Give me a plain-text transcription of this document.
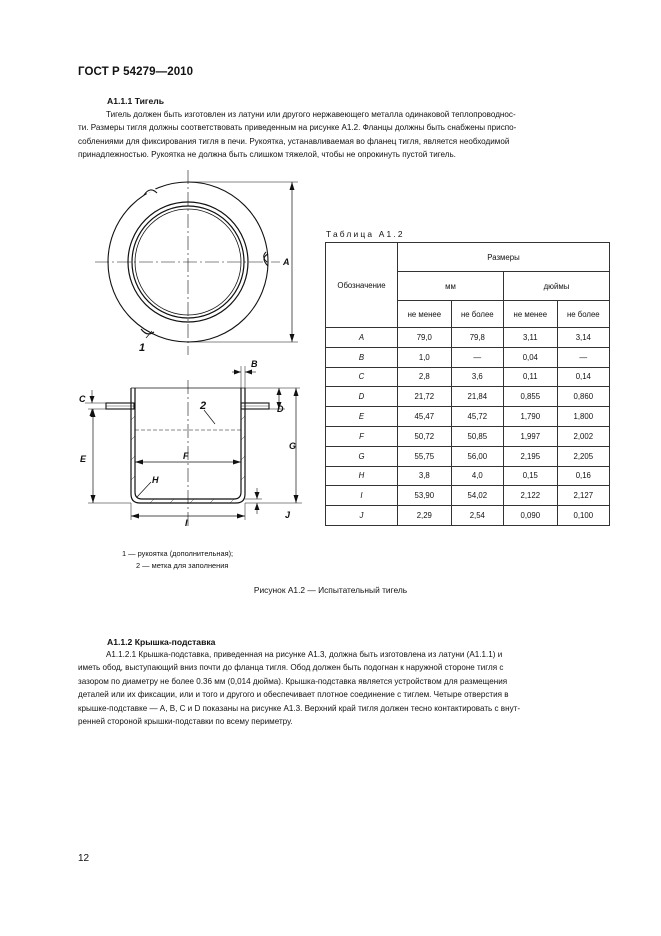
ГОСТ Р 54279—2010
А1.1.1 Тигель
Тигель должен быть изготовлен из латуни или другого нержавеющего металла одинаковой теплопроводнос-
ти. Размеры тигля должны соответствовать приведенным на рисунке А1.2. Фланцы должны быть снабжены приспо-
соблениями для фиксирования тигля в печи. Рукоятка, устанавливаемая во фланец тигля, является необходимой
принадлежностью. Рукоятка не должна быть слишком тяжелой, чтобы не опрокинуть пустой тигель.
A
1
B
C
D
E	F
G
H
I
J
2
Таблица А1.2
Обозначение	Размеры			
	мм		дюймы	
	не менее	не более	не менее	не более
A	79,0	79,8	3,11	3,14
B	1,0	—	0,04	—
C	2,8	3,6	0,11	0,14
D	21,72	21,84	0,855	0,860
E	45,47	45,72	1,790	1,800
F	50,72	50,85	1,997	2,002
G	55,75	56,00	2,195	2,205
H	3,8	4,0	0,15	0,16
I	53,90	54,02	2,122	2,127
J	2,29	2,54	0,090	0,100
1 — рукоятка (дополнительная);
2 — метка для заполнения
Рисунок А1.2 — Испытательный тигель
А1.1.2 Крышка-подставка
А1.1.2.1 Крышка-подставка, приведенная на рисунке А1.3, должна быть изготовлена из латуни (А1.1.1) и
иметь обод, выступающий вниз почти до фланца тигля. Обод должен быть подогнан к наружной стороне тигля с
зазором по диаметру не более 0.36 мм (0,014 дюйма). Крышка-подставка является устройством для размещения
деталей или их фиксации, или и того и другого и обеспечивает плотное соединение с тиглем. Четыре отверстия в
крышке-подставке — A, B, C и D показаны на рисунке А1.3. Верхний край тигля должен тесно контактировать с внут-
ренней стороной крышки-подставки по всему периметру.
12
